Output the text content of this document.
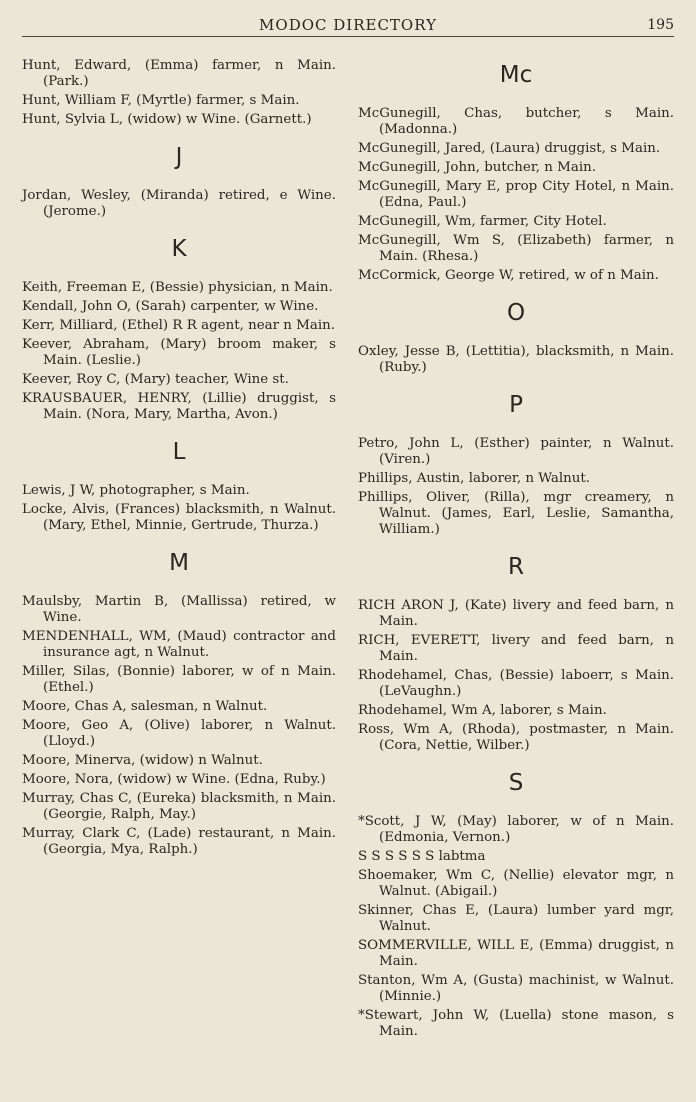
MODOC DIRECTORY	195
Hunt, Edward, (Emma) farmer, n Main. (Park.)
Hunt, William F, (Myrtle) farmer, s Main.
Hunt, Sylvia L, (widow) w Wine. (Garnett.)
J
Jordan, Wesley, (Miranda) retired, e Wine. (Jerome.)
K
Keith, Freeman E, (Bessie) physician, n Main.
Kendall, John O, (Sarah) carpenter, w Wine.
Kerr, Milliard, (Ethel) R R agent, near n Main.
Keever, Abraham, (Mary) broom maker, s Main. (Leslie.)
Keever, Roy C, (Mary) teacher, Wine st.
KRAUSBAUER, HENRY, (Lillie) druggist, s Main. (Nora, Mary, Martha, Avon.)
L
Lewis, J W, photographer, s Main.
Locke, Alvis, (Frances) blacksmith, n Walnut. (Mary, Ethel, Minnie, Gertrude, Thurza.)
M
Maulsby, Martin B, (Mallissa) retired, w Wine.
MENDENHALL, WM, (Maud) contractor and insurance agt, n Walnut.
Miller, Silas, (Bonnie) laborer, w of n Main. (Ethel.)
Moore, Chas A, salesman, n Walnut.
Moore, Geo A, (Olive) laborer, n Walnut. (Lloyd.)
Moore, Minerva, (widow) n Walnut.
Moore, Nora, (widow) w Wine. (Edna, Ruby.)
Murray, Chas C, (Eureka) blacksmith, n Main. (Georgie, Ralph, May.)
Murray, Clark C, (Lade) restaurant, n Main. (Georgia, Mya, Ralph.)
Mc
McGunegill, Chas, butcher, s Main. (Madonna.)
McGunegill, Jared, (Laura) druggist, s Main.
McGunegill, John, butcher, n Main.
McGunegill, Mary E, prop City Hotel, n Main. (Edna, Paul.)
McGunegill, Wm, farmer, City Hotel.
McGunegill, Wm S, (Elizabeth) farmer, n Main. (Rhesa.)
McCormick, George W, retired, w of n Main.
O
Oxley, Jesse B, (Lettitia), blacksmith, n Main. (Ruby.)
P
Petro, John L, (Esther) painter, n Walnut. (Viren.)
Phillips, Austin, laborer, n Walnut.
Phillips, Oliver, (Rilla), mgr creamery, n Walnut. (James, Earl, Leslie, Samantha, William.)
R
RICH ARON J, (Kate) livery and feed barn, n Main.
RICH, EVERETT, livery and feed barn, n Main.
Rhodehamel, Chas, (Bessie) laboerr, s Main. (LeVaughn.)
Rhodehamel, Wm A, laborer, s Main.
Ross, Wm A, (Rhoda), postmaster, n Main. (Cora, Nettie, Wilber.)
S
*Scott, J W, (May) laborer, w of n Main. (Edmonia, Vernon.)
S S S S S S labtma
Shoemaker, Wm C, (Nellie) elevator mgr, n Walnut. (Abigail.)
Skinner, Chas E, (Laura) lumber yard mgr, Walnut.
SOMMERVILLE, WILL E, (Emma) druggist, n Main.
Stanton, Wm A, (Gusta) machinist, w Walnut. (Minnie.)
*Stewart, John W, (Luella) stone mason, s Main.
